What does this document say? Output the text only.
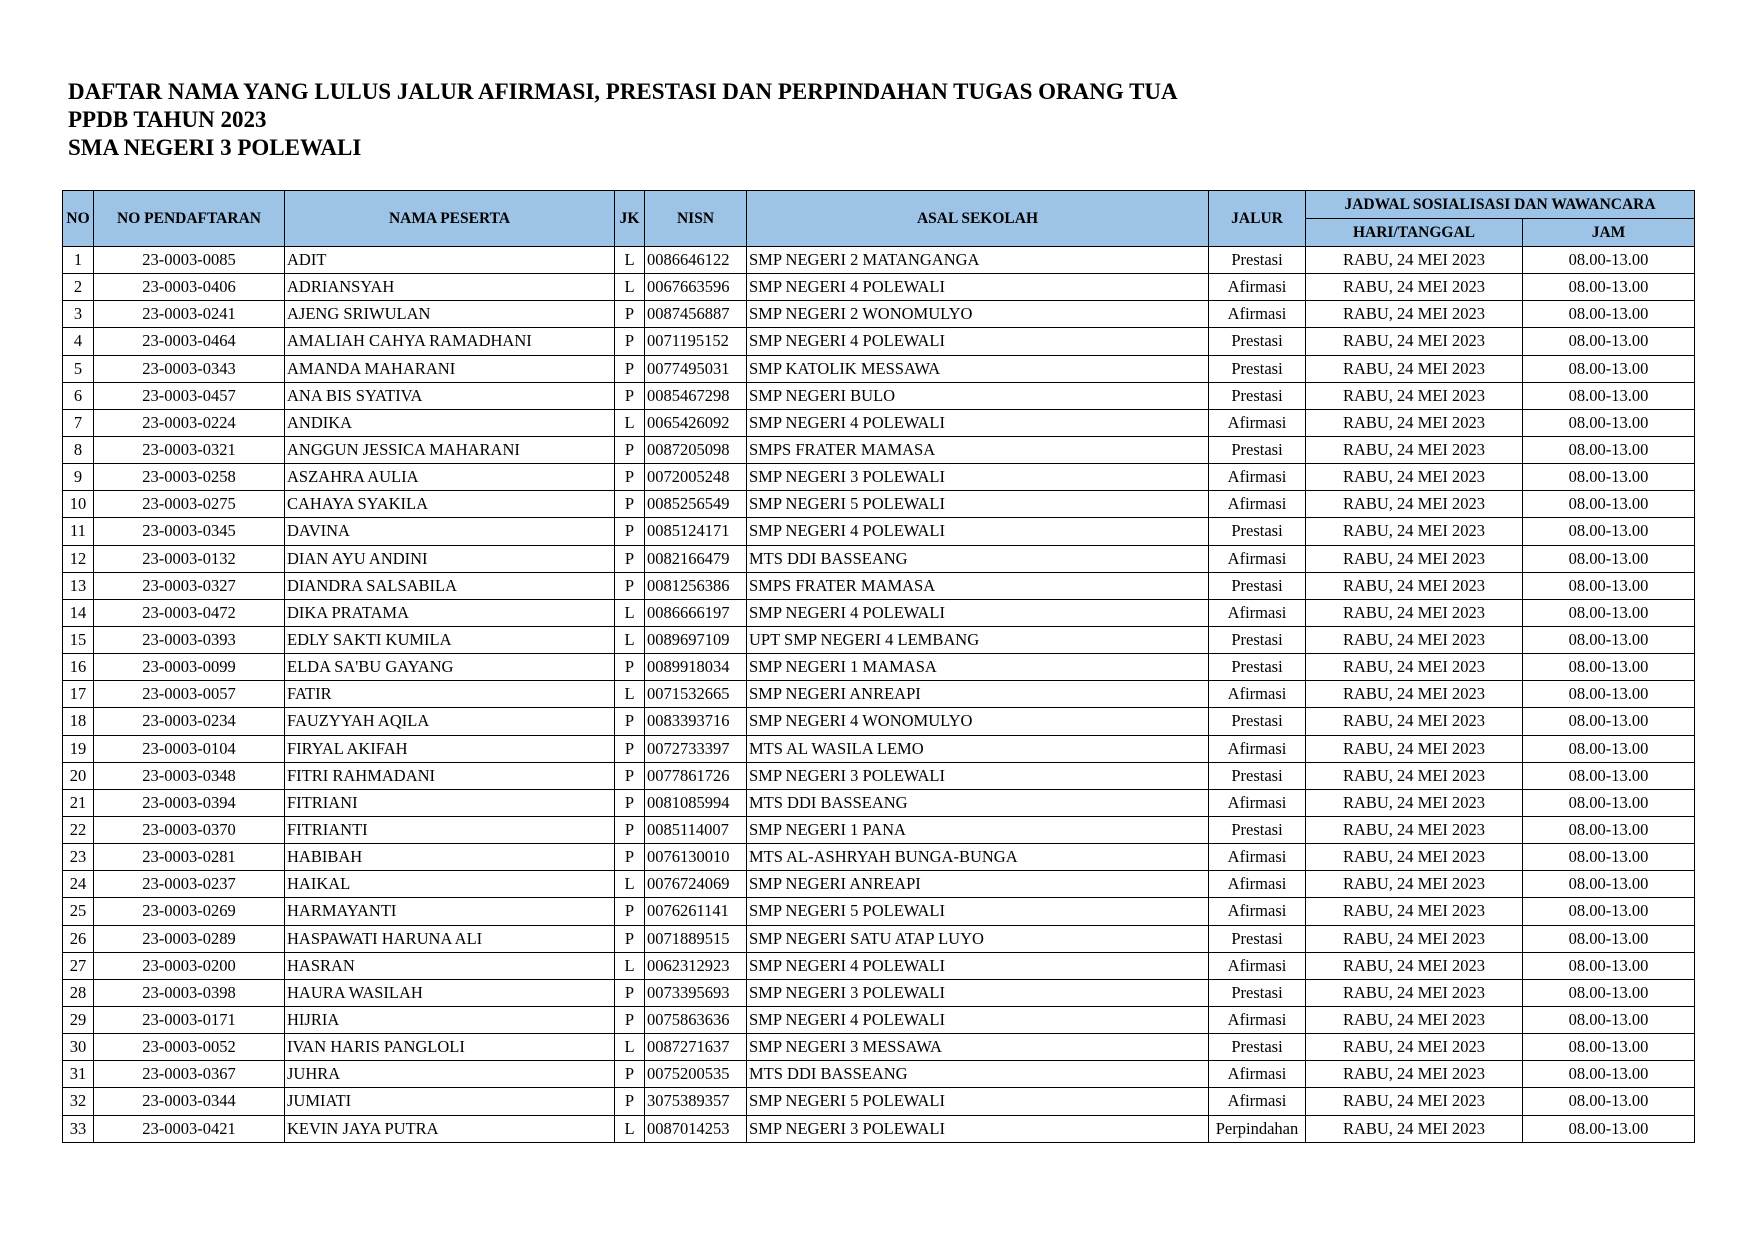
DAFTAR NAMA YANG LULUS JALUR AFIRMASI, PRESTASI DAN PERPINDAHAN TUGAS ORANG TUA
PPDB TAHUN 2023
SMA NEGERI 3 POLEWALI
NO	NO PENDAFTARAN	NAMA PESERTA	JK	NISN	ASAL SEKOLAH	JALUR	JADWAL SOSIALISASI DAN WAWANCARA	
							HARI/TANGGAL	JAM
1	23-0003-0085	ADIT	L	0086646122	SMP NEGERI 2 MATANGANGA	Prestasi	RABU, 24 MEI 2023	08.00-13.00
2	23-0003-0406	ADRIANSYAH	L	0067663596	SMP NEGERI 4 POLEWALI	Afirmasi	RABU, 24 MEI 2023	08.00-13.00
3	23-0003-0241	AJENG SRIWULAN	P	0087456887	SMP NEGERI 2 WONOMULYO	Afirmasi	RABU, 24 MEI 2023	08.00-13.00
4	23-0003-0464	AMALIAH CAHYA RAMADHANI	P	0071195152	SMP NEGERI 4 POLEWALI	Prestasi	RABU, 24 MEI 2023	08.00-13.00
5	23-0003-0343	AMANDA MAHARANI	P	0077495031	SMP KATOLIK MESSAWA	Prestasi	RABU, 24 MEI 2023	08.00-13.00
6	23-0003-0457	ANA BIS SYATIVA	P	0085467298	SMP NEGERI BULO	Prestasi	RABU, 24 MEI 2023	08.00-13.00
7	23-0003-0224	ANDIKA	L	0065426092	SMP NEGERI 4 POLEWALI	Afirmasi	RABU, 24 MEI 2023	08.00-13.00
8	23-0003-0321	ANGGUN JESSICA MAHARANI	P	0087205098	SMPS FRATER MAMASA	Prestasi	RABU, 24 MEI 2023	08.00-13.00
9	23-0003-0258	ASZAHRA AULIA	P	0072005248	SMP NEGERI 3 POLEWALI	Afirmasi	RABU, 24 MEI 2023	08.00-13.00
10	23-0003-0275	CAHAYA SYAKILA	P	0085256549	SMP NEGERI 5 POLEWALI	Afirmasi	RABU, 24 MEI 2023	08.00-13.00
11	23-0003-0345	DAVINA	P	0085124171	SMP NEGERI 4 POLEWALI	Prestasi	RABU, 24 MEI 2023	08.00-13.00
12	23-0003-0132	DIAN AYU ANDINI	P	0082166479	MTS DDI BASSEANG	Afirmasi	RABU, 24 MEI 2023	08.00-13.00
13	23-0003-0327	DIANDRA SALSABILA	P	0081256386	SMPS FRATER MAMASA	Prestasi	RABU, 24 MEI 2023	08.00-13.00
14	23-0003-0472	DIKA PRATAMA	L	0086666197	SMP NEGERI 4 POLEWALI	Afirmasi	RABU, 24 MEI 2023	08.00-13.00
15	23-0003-0393	EDLY SAKTI KUMILA	L	0089697109	UPT SMP NEGERI 4 LEMBANG	Prestasi	RABU, 24 MEI 2023	08.00-13.00
16	23-0003-0099	ELDA SA'BU GAYANG	P	0089918034	SMP NEGERI 1 MAMASA	Prestasi	RABU, 24 MEI 2023	08.00-13.00
17	23-0003-0057	FATIR	L	0071532665	SMP NEGERI ANREAPI	Afirmasi	RABU, 24 MEI 2023	08.00-13.00
18	23-0003-0234	FAUZYYAH AQILA	P	0083393716	SMP NEGERI 4 WONOMULYO	Prestasi	RABU, 24 MEI 2023	08.00-13.00
19	23-0003-0104	FIRYAL AKIFAH	P	0072733397	MTS AL WASILA LEMO	Afirmasi	RABU, 24 MEI 2023	08.00-13.00
20	23-0003-0348	FITRI RAHMADANI	P	0077861726	SMP NEGERI 3 POLEWALI	Prestasi	RABU, 24 MEI 2023	08.00-13.00
21	23-0003-0394	FITRIANI	P	0081085994	MTS DDI BASSEANG	Afirmasi	RABU, 24 MEI 2023	08.00-13.00
22	23-0003-0370	FITRIANTI	P	0085114007	SMP NEGERI 1 PANA	Prestasi	RABU, 24 MEI 2023	08.00-13.00
23	23-0003-0281	HABIBAH	P	0076130010	MTS AL-ASHRYAH BUNGA-BUNGA	Afirmasi	RABU, 24 MEI 2023	08.00-13.00
24	23-0003-0237	HAIKAL	L	0076724069	SMP NEGERI ANREAPI	Afirmasi	RABU, 24 MEI 2023	08.00-13.00
25	23-0003-0269	HARMAYANTI	P	0076261141	SMP NEGERI 5 POLEWALI	Afirmasi	RABU, 24 MEI 2023	08.00-13.00
26	23-0003-0289	HASPAWATI HARUNA ALI	P	0071889515	SMP NEGERI SATU ATAP LUYO	Prestasi	RABU, 24 MEI 2023	08.00-13.00
27	23-0003-0200	HASRAN	L	0062312923	SMP NEGERI 4 POLEWALI	Afirmasi	RABU, 24 MEI 2023	08.00-13.00
28	23-0003-0398	HAURA WASILAH	P	0073395693	SMP NEGERI 3 POLEWALI	Prestasi	RABU, 24 MEI 2023	08.00-13.00
29	23-0003-0171	HIJRIA	P	0075863636	SMP NEGERI 4 POLEWALI	Afirmasi	RABU, 24 MEI 2023	08.00-13.00
30	23-0003-0052	IVAN HARIS PANGLOLI	L	0087271637	SMP NEGERI 3 MESSAWA	Prestasi	RABU, 24 MEI 2023	08.00-13.00
31	23-0003-0367	JUHRA	P	0075200535	MTS DDI BASSEANG	Afirmasi	RABU, 24 MEI 2023	08.00-13.00
32	23-0003-0344	JUMIATI	P	3075389357	SMP NEGERI 5 POLEWALI	Afirmasi	RABU, 24 MEI 2023	08.00-13.00
33	23-0003-0421	KEVIN JAYA PUTRA	L	0087014253	SMP NEGERI 3 POLEWALI	Perpindahan	RABU, 24 MEI 2023	08.00-13.00
